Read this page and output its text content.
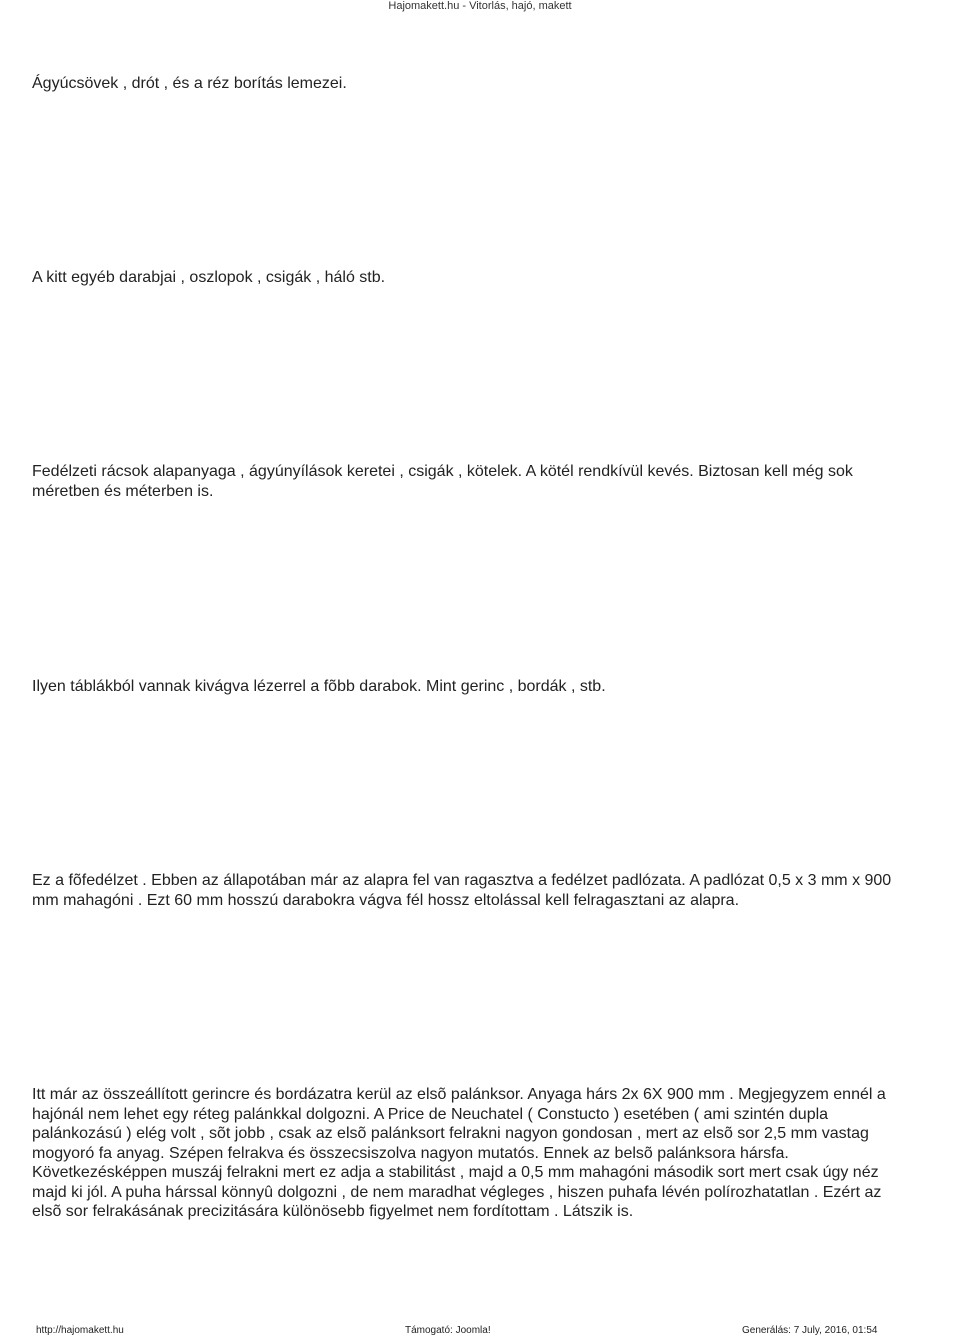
Hajomakett.hu - Vitorlás, hajó, makett

Ágyúcsövek , drót , és a réz borítás lemezei.

A kitt egyéb darabjai , oszlopok , csigák , háló stb.

Fedélzeti rácsok alapanyaga , ágyúnyílások keretei , csigák , kötelek. A kötél rendkívül kevés. Biztosan kell még sok méretben és méterben is.

Ilyen táblákból vannak kivágva lézerrel a fõbb darabok. Mint gerinc , bordák , stb.

Ez a fõfedélzet . Ebben az állapotában már az alapra fel van ragasztva a fedélzet padlózata. A padlózat 0,5 x 3 mm x 900 mm mahagóni . Ezt 60 mm hosszú darabokra vágva fél hossz eltolással kell felragasztani az alapra.

Itt már az összeállított gerincre és bordázatra kerül az elsõ palánksor. Anyaga hárs 2x 6X 900 mm . Megjegyzem ennél a hajónál nem lehet egy réteg palánkkal dolgozni. A Price de Neuchatel ( Constucto ) esetében ( ami szintén dupla palánkozású ) elég volt , sõt jobb , csak az elsõ palánksort felrakni nagyon gondosan , mert az elsõ sor 2,5 mm vastag mogyoró fa anyag. Szépen felrakva és összecsiszolva nagyon mutatós. Ennek az belsõ palánksora hársfa. Következésképpen muszáj felrakni mert ez adja a stabilitást , majd a 0,5 mm mahagóni második sort mert csak úgy néz majd ki jól. A puha hárssal könnyû dolgozni , de nem maradhat végleges , hiszen puhafa lévén polírozhatatlan . Ezért az elsõ sor felrakásának precizitására különösebb figyelmet nem fordítottam . Látszik is.

http://hajomakett.hu	Támogató: Joomla!	Generálás: 7 July, 2016, 01:54
